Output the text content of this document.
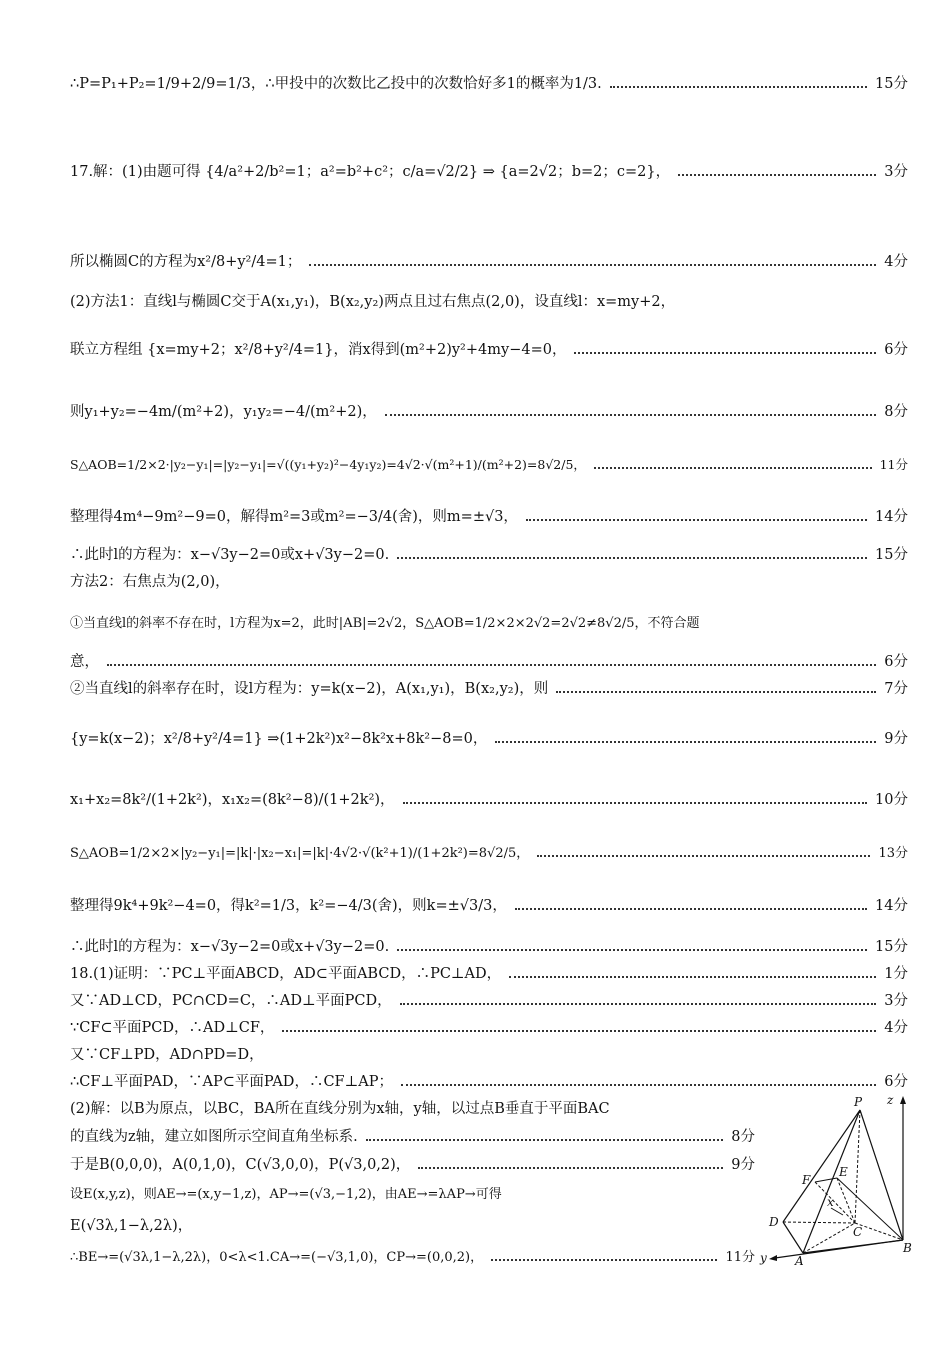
∴P=P₁+P₂=1/9+2/9=1/3，∴甲投中的次数比乙投中的次数恰好多1的概率为1/3.	15分
17.解：(1)由题可得 {4/a²+2/b²=1；a²=b²+c²；c/a=√2/2} ⇒ {a=2√2；b=2；c=2}，	3分
所以椭圆C的方程为x²/8+y²/4=1；	4分
(2)方法1：直线l与椭圆C交于A(x₁,y₁)，B(x₂,y₂)两点且过右焦点(2,0)，设直线l：x=my+2，
联立方程组 {x=my+2；x²/8+y²/4=1}，消x得到(m²+2)y²+4my−4=0，	6分
则y₁+y₂=−4m/(m²+2)，y₁y₂=−4/(m²+2)，	8分
S△AOB=1/2×2·|y₂−y₁|=|y₂−y₁|=√((y₁+y₂)²−4y₁y₂)=4√2·√(m²+1)/(m²+2)=8√2/5，	11分
整理得4m⁴−9m²−9=0，解得m²=3或m²=−3/4(舍)，则m=±√3，	14分
∴此时l的方程为：x−√3y−2=0或x+√3y−2=0.	15分
方法2：右焦点为(2,0)，
①当直线l的斜率不存在时，l方程为x=2，此时|AB|=2√2，S△AOB=1/2×2×2√2=2√2≠8√2/5，不符合题
意，	6分
②当直线l的斜率存在时，设l方程为：y=k(x−2)，A(x₁,y₁)，B(x₂,y₂)，则	7分
{y=k(x−2)；x²/8+y²/4=1} ⇒(1+2k²)x²−8k²x+8k²−8=0，	9分
x₁+x₂=8k²/(1+2k²)，x₁x₂=(8k²−8)/(1+2k²)，	10分
S△AOB=1/2×2×|y₂−y₁|=|k|·|x₂−x₁|=|k|·4√2·√(k²+1)/(1+2k²)=8√2/5，	13分
整理得9k⁴+9k²−4=0，得k²=1/3，k²=−4/3(舍)，则k=±√3/3，	14分
∴此时l的方程为：x−√3y−2=0或x+√3y−2=0.	15分
18.(1)证明：∵PC⊥平面ABCD，AD⊂平面ABCD，∴PC⊥AD，	1分
又∵AD⊥CD，PC∩CD=C，∴AD⊥平面PCD，	3分
∵CF⊂平面PCD，∴AD⊥CF，	4分
又∵CF⊥PD，AD∩PD=D，
∴CF⊥平面PAD，∵AP⊂平面PAD，∴CF⊥AP；	6分
(2)解：以B为原点，以BC，BA所在直线分别为x轴，y轴，以过点B垂直于平面BAC
的直线为z轴，建立如图所示空间直角坐标系.	8分
于是B(0,0,0)，A(0,1,0)，C(√3,0,0)，P(√3,0,2)，	9分
设E(x,y,z)，则AE→=(x,y−1,z)，AP→=(√3,−1,2)，由AE→=λAP→可得
E(√3λ,1−λ,2λ)，
∴BE→=(√3λ,1−λ,2λ)，0<λ<1.CA→=(−√3,1,0)，CP→=(0,0,2)，	11分
P z
E
F
D
x
C
B
A
y
